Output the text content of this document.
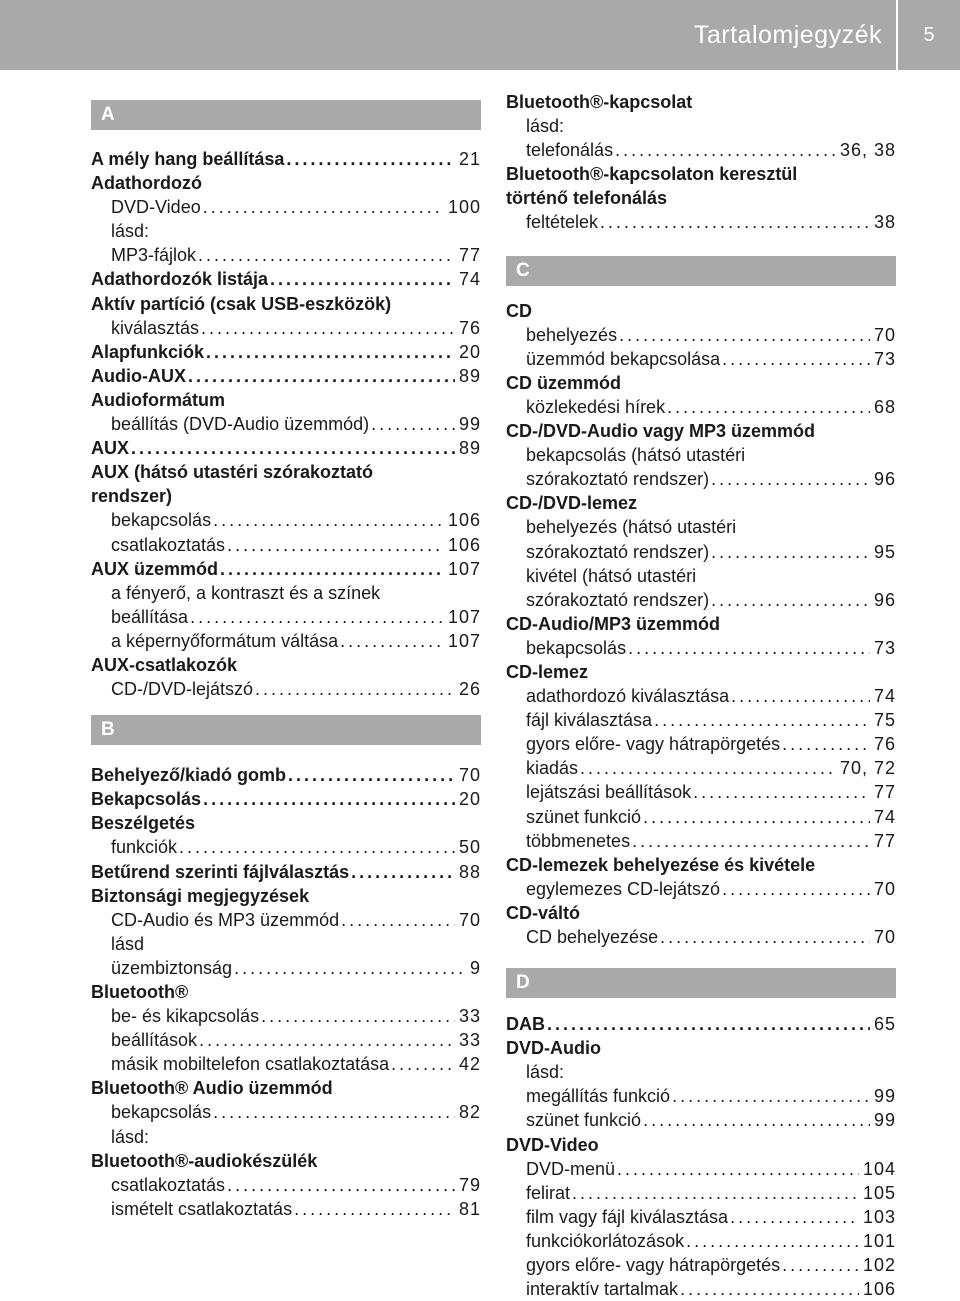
Tartalomjegyzék	5
A
A mély hang beállítása .....	21
Adathordozó
DVD-Video .....	100
lásd:
MP3-fájlok .....	77
Adathordozók listája .....	74
Aktív partíció (csak USB-eszközök)
kiválasztás .....	76
Alapfunkciók .....	20
Audio-AUX .....	89
Audioformátum
beállítás (DVD-Audio üzemmód) .....	99
AUX .....	89
AUX (hátsó utastéri szórakoztató
rendszer)
bekapcsolás .....	106
csatlakoztatás .....	106
AUX üzemmód .....	107
a fényerő, a kontraszt és a színek
beállítása .....	107
a képernyőformátum váltása .....	107
AUX-csatlakozók
CD-/DVD-lejátszó .....	26
B
Behelyező/kiadó gomb .....	70
Bekapcsolás .....	20
Beszélgetés
funkciók .....	50
Betűrend szerinti fájlválasztás .....	88
Biztonsági megjegyzések
CD-Audio és MP3 üzemmód .....	70
lásd
üzembiztonság .....	9
Bluetooth®
be- és kikapcsolás .....	33
beállítások .....	33
másik mobiltelefon csatlakoztatása .....	42
Bluetooth® Audio üzemmód
bekapcsolás .....	82
lásd:
Bluetooth®-audiokészülék
csatlakoztatás .....	79
ismételt csatlakoztatás .....	81
Bluetooth®-kapcsolat
lásd:
telefonálás .....	36, 38
Bluetooth®-kapcsolaton keresztül
történő telefonálás
feltételek .....	38
C
CD
behelyezés .....	70
üzemmód bekapcsolása .....	73
CD üzemmód
közlekedési hírek .....	68
CD-/DVD-Audio vagy MP3 üzemmód
bekapcsolás (hátsó utastéri
szórakoztató rendszer) .....	96
CD-/DVD-lemez
behelyezés (hátsó utastéri
szórakoztató rendszer) .....	95
kivétel (hátsó utastéri
szórakoztató rendszer) .....	96
CD-Audio/MP3 üzemmód
bekapcsolás .....	73
CD-lemez
adathordozó kiválasztása .....	74
fájl kiválasztása .....	75
gyors előre- vagy hátrapörgetés .....	76
kiadás .....	70, 72
lejátszási beállítások .....	77
szünet funkció .....	74
többmenetes .....	77
CD-lemezek behelyezése és kivétele
egylemezes CD-lejátszó .....	70
CD-váltó
CD behelyezése .....	70
D
DAB .....	65
DVD-Audio
lásd:
megállítás funkció .....	99
szünet funkció .....	99
DVD-Video
DVD-menü .....	104
felirat .....	105
film vagy fájl kiválasztása .....	103
funkciókorlátozások .....	101
gyors előre- vagy hátrapörgetés .....	102
interaktív tartalmak .....	106
